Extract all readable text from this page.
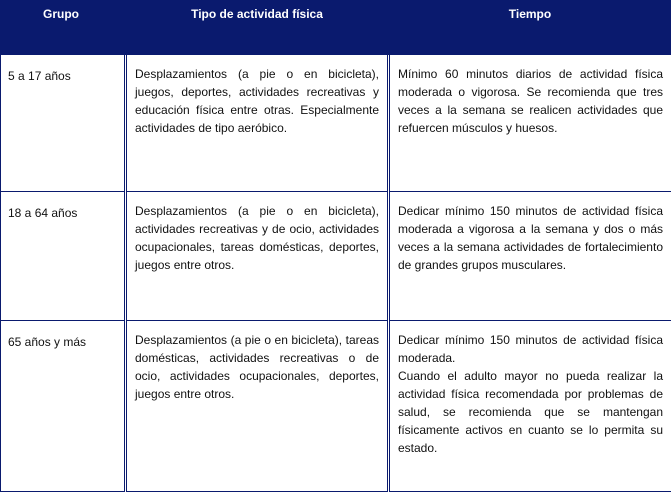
Grupo	Tipo de actividad física	Tiempo
5 a 17 años	Desplazamientos (a pie o en bicicleta), juegos, deportes, actividades recreativas y educación física entre otras. Especialmente actividades de tipo aeróbico.	Mínimo 60 minutos diarios de actividad física moderada o vigorosa. Se recomienda que tres veces a la semana se realicen actividades que refuercen músculos y huesos.
18 a 64 años	Desplazamientos (a pie o en bicicleta), actividades recreativas y de ocio, actividades ocupacionales, tareas domésticas, deportes, juegos entre otros.	Dedicar mínimo 150 minutos de actividad física moderada a vigorosa a la semana y dos o más veces a la semana actividades de fortalecimiento de grandes grupos musculares.
65 años y más	Desplazamientos (a pie o en bicicleta), tareas domésticas, actividades recreativas o de ocio, actividades ocupacionales, deportes, juegos entre otros.	Dedicar mínimo 150 minutos de actividad física moderada.
Cuando el adulto mayor no pueda realizar la actividad física recomendada por problemas de salud, se recomienda que se mantengan físicamente activos en cuanto se lo permita su estado.
